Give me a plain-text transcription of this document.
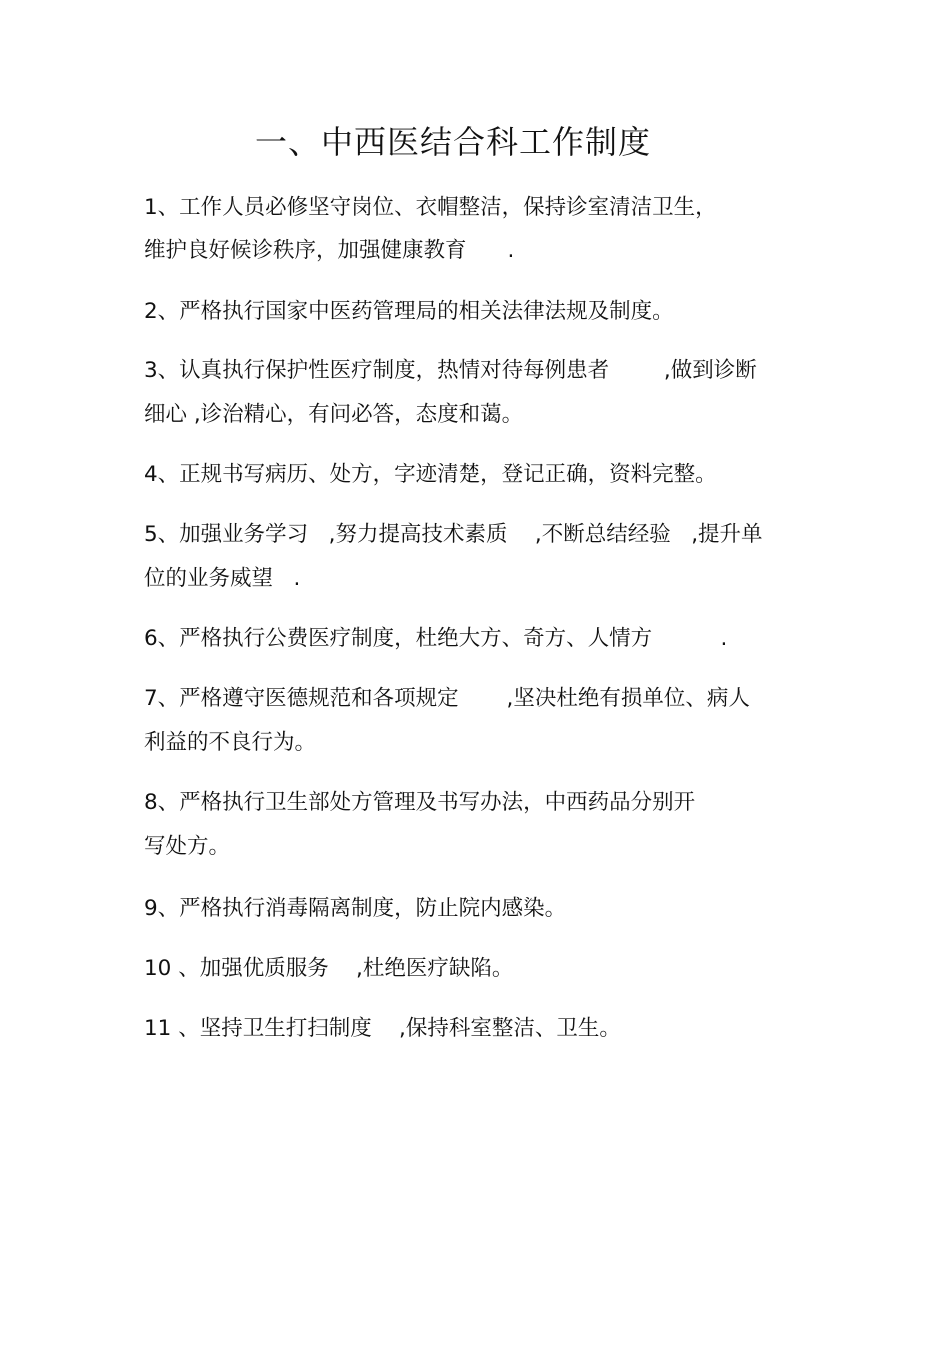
一、中西医结合科工作制度
1、工作人员必修坚守岗位、衣帽整洁，保持诊室清洁卫生，
维护良好候诊秩序，加强健康教育      .
2、严格执行国家中医药管理局的相关法律法规及制度。
3、认真执行保护性医疗制度，热情对待每例患者        ,做到诊断
细心 ,诊治精心，有问必答，态度和蔼。
4、正规书写病历、处方，字迹清楚，登记正确，资料完整。
5、加强业务学习   ,努力提高技术素质    ,不断总结经验   ,提升单
位的业务威望   .
6、严格执行公费医疗制度，杜绝大方、奇方、人情方          .
7、严格遵守医德规范和各项规定       ,坚决杜绝有损单位、病人
利益的不良行为。
8、严格执行卫生部处方管理及书写办法，中西药品分别开
写处方。
9、严格执行消毒隔离制度，防止院内感染。
10 、加强优质服务    ,杜绝医疗缺陷。
11 、坚持卫生打扫制度    ,保持科室整洁、卫生。
